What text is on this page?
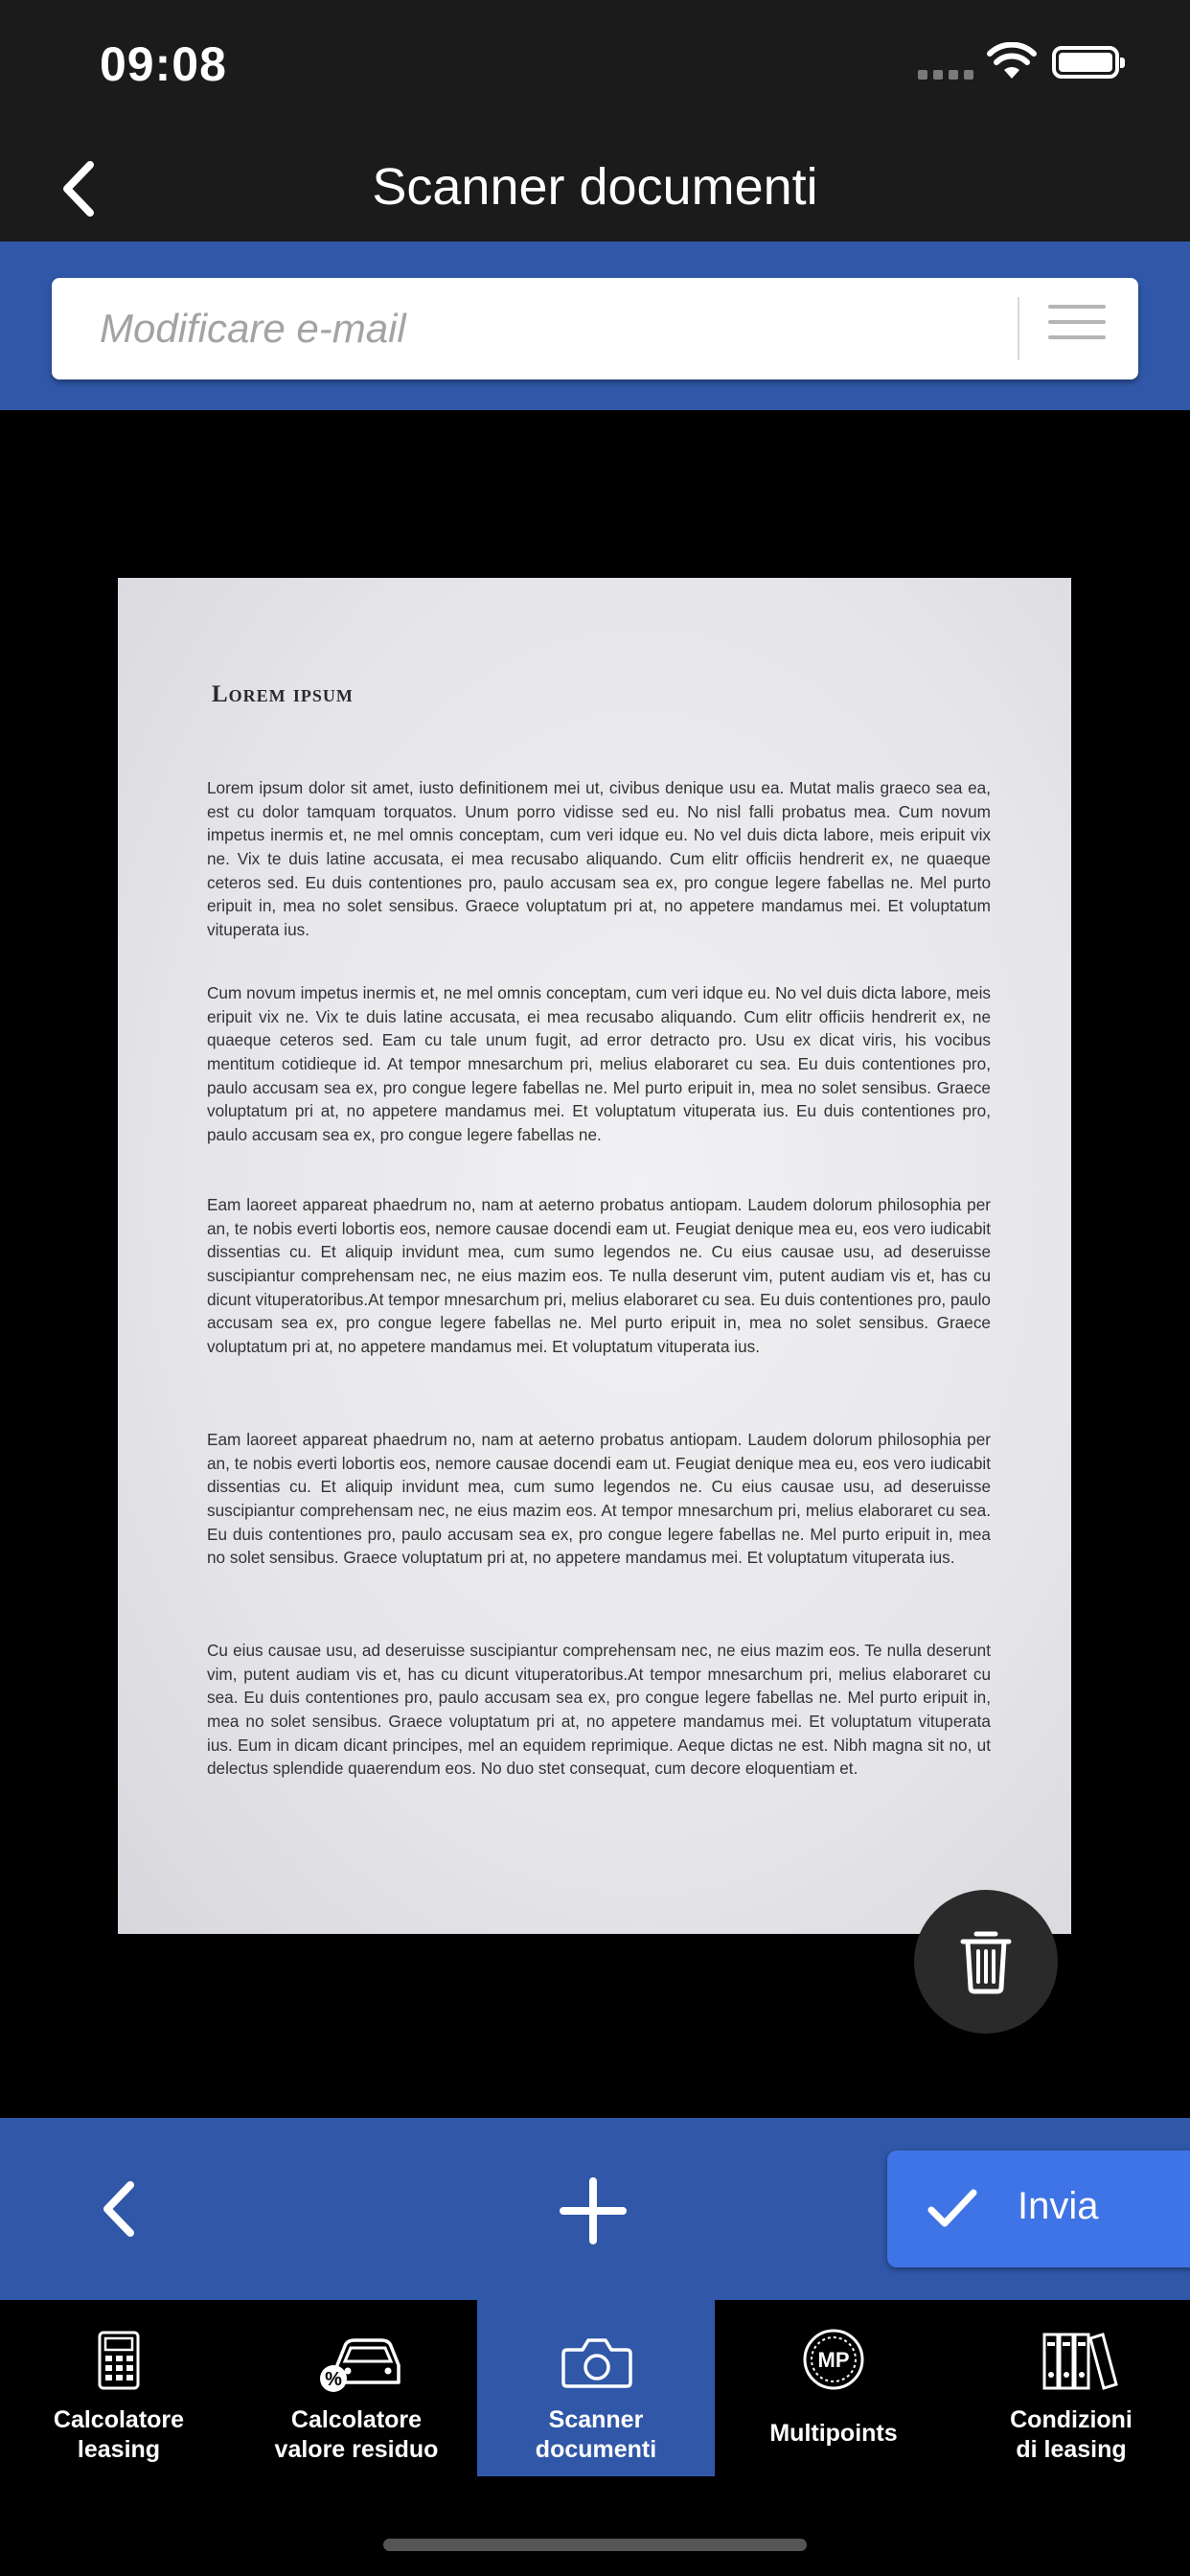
09:08
Scanner documenti
Modificare e-mail
Lorem ipsum

Lorem ipsum dolor sit amet, iusto definitionem mei ut, civibus denique usu ea. Mutat malis graeco sea ea, est cu dolor tamquam torquatos. Unum porro vidisse sed eu. No nisl falli probatus mea. Cum novum impetus inermis et, ne mel omnis conceptam, cum veri idque eu. No vel duis dicta labore, meis eripuit vix ne. Vix te duis latine accusata, ei mea recusabo aliquando. Cum elitr officiis hendrerit ex, ne quaeque ceteros sed. Eu duis contentiones pro, paulo accusam sea ex, pro congue legere fabellas ne. Mel purto eripuit in, mea no solet sensibus. Graece voluptatum pri at, no appetere mandamus mei. Et voluptatum vituperata ius.

Cum novum impetus inermis et, ne mel omnis conceptam, cum veri idque eu. No vel duis dicta labore, meis eripuit vix ne. Vix te duis latine accusata, ei mea recusabo aliquando. Cum elitr officiis hendrerit ex, ne quaeque ceteros sed. Eam cu tale unum fugit, ad error detracto pro. Usu ex dicat viris, his vocibus mentitum cotidieque id. At tempor mnesarchum pri, melius elaboraret cu sea. Eu duis contentiones pro, paulo accusam sea ex, pro congue legere fabellas ne. Mel purto eripuit in, mea no solet sensibus. Graece voluptatum pri at, no appetere mandamus mei. Et voluptatum vituperata ius. Eu duis contentiones pro, paulo accusam sea ex, pro congue legere fabellas ne.

Eam laoreet appareat phaedrum no, nam at aeterno probatus antiopam. Laudem dolorum philosophia per an, te nobis everti lobortis eos, nemore causae docendi eam ut. Feugiat denique mea eu, eos vero iudicabit dissentias cu. Et aliquip invidunt mea, cum sumo legendos ne. Cu eius causae usu, ad deseruisse suscipiantur comprehensam nec, ne eius mazim eos. Te nulla deserunt vim, putent audiam vis et, has cu dicunt vituperatoribus.At tempor mnesarchum pri, melius elaboraret cu sea. Eu duis contentiones pro, paulo accusam sea ex, pro congue legere fabellas ne. Mel purto eripuit in, mea no solet sensibus. Graece voluptatum pri at, no appetere mandamus mei. Et voluptatum vituperata ius.

Eam laoreet appareat phaedrum no, nam at aeterno probatus antiopam. Laudem dolorum philosophia per an, te nobis everti lobortis eos, nemore causae docendi eam ut. Feugiat denique mea eu, eos vero iudicabit dissentias cu. Et aliquip invidunt mea, cum sumo legendos ne. Cu eius causae usu, ad deseruisse suscipiantur comprehensam nec, ne eius mazim eos. At tempor mnesarchum pri, melius elaboraret cu sea. Eu duis contentiones pro, paulo accusam sea ex, pro congue legere fabellas ne. Mel purto eripuit in, mea no solet sensibus. Graece voluptatum pri at, no appetere mandamus mei. Et voluptatum vituperata ius.

Cu eius causae usu, ad deseruisse suscipiantur comprehensam nec, ne eius mazim eos. Te nulla deserunt vim, putent audiam vis et, has cu dicunt vituperatoribus.At tempor mnesarchum pri, melius elaboraret cu sea. Eu duis contentiones pro, paulo accusam sea ex, pro congue legere fabellas ne. Mel purto eripuit in, mea no solet sensibus. Graece voluptatum pri at, no appetere mandamus mei. Et voluptatum vituperata ius. Eum in dicam dicant principes, mel an equidem reprimique. Aeque dictas ne est. Nibh magna sit no, ut delectus splendide quaerendum eos. No duo stet consequat, cum decore eloquentiam et.

Invia
Calcolatore
leasing
%
Calcolatore
valore residuo
Scanner
documenti
MP
Multipoints	Condizioni
di leasing
